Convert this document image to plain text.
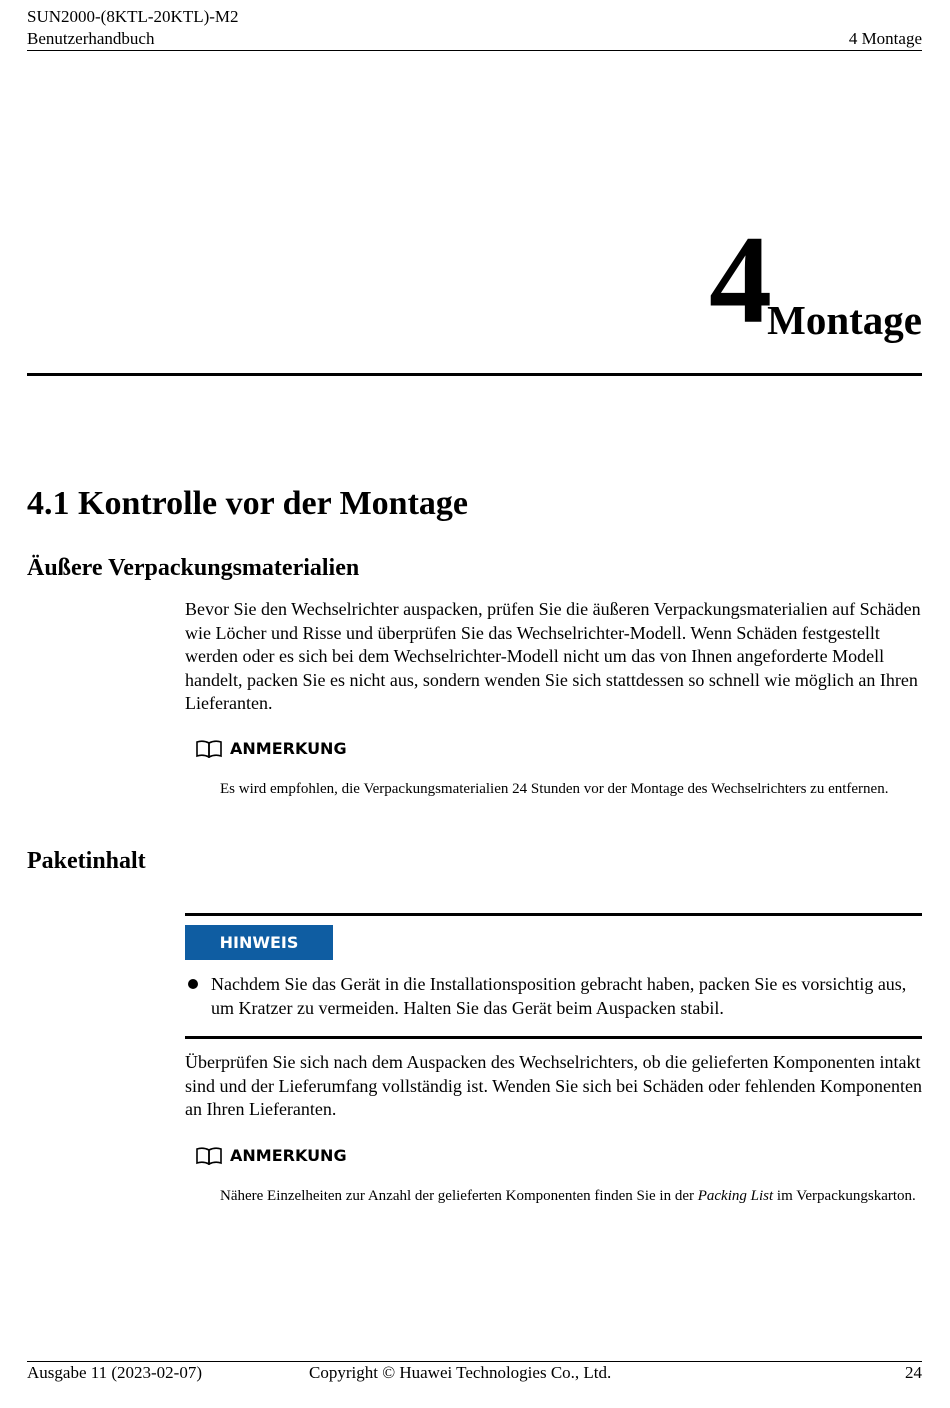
SUN2000-(8KTL-20KTL)-M2
Benutzerhandbuch	4 Montage
4
Montage
4.1 Kontrolle vor der Montage
Äußere Verpackungsmaterialien
Bevor Sie den Wechselrichter auspacken, prüfen Sie die äußeren Verpackungsmaterialien auf Schäden wie Löcher und Risse und überprüfen Sie das Wechselrichter-Modell. Wenn Schäden festgestellt werden oder es sich bei dem Wechselrichter-Modell nicht um das von Ihnen angeforderte Modell handelt, packen Sie es nicht aus, sondern wenden Sie sich stattdessen so schnell wie möglich an Ihren Lieferanten.
ANMERKUNG
Es wird empfohlen, die Verpackungsmaterialien 24 Stunden vor der Montage des Wechselrichters zu entfernen.
Paketinhalt
HINWEIS
Nachdem Sie das Gerät in die Installationsposition gebracht haben, packen Sie es vorsichtig aus, um Kratzer zu vermeiden. Halten Sie das Gerät beim Auspacken stabil.
Überprüfen Sie sich nach dem Auspacken des Wechselrichters, ob die gelieferten Komponenten intakt sind und der Lieferumfang vollständig ist. Wenden Sie sich bei Schäden oder fehlenden Komponenten an Ihren Lieferanten.
ANMERKUNG
Nähere Einzelheiten zur Anzahl der gelieferten Komponenten finden Sie in der Packing List im Verpackungskarton.
Ausgabe 11 (2023-02-07)	Copyright © Huawei Technologies Co., Ltd.	24
